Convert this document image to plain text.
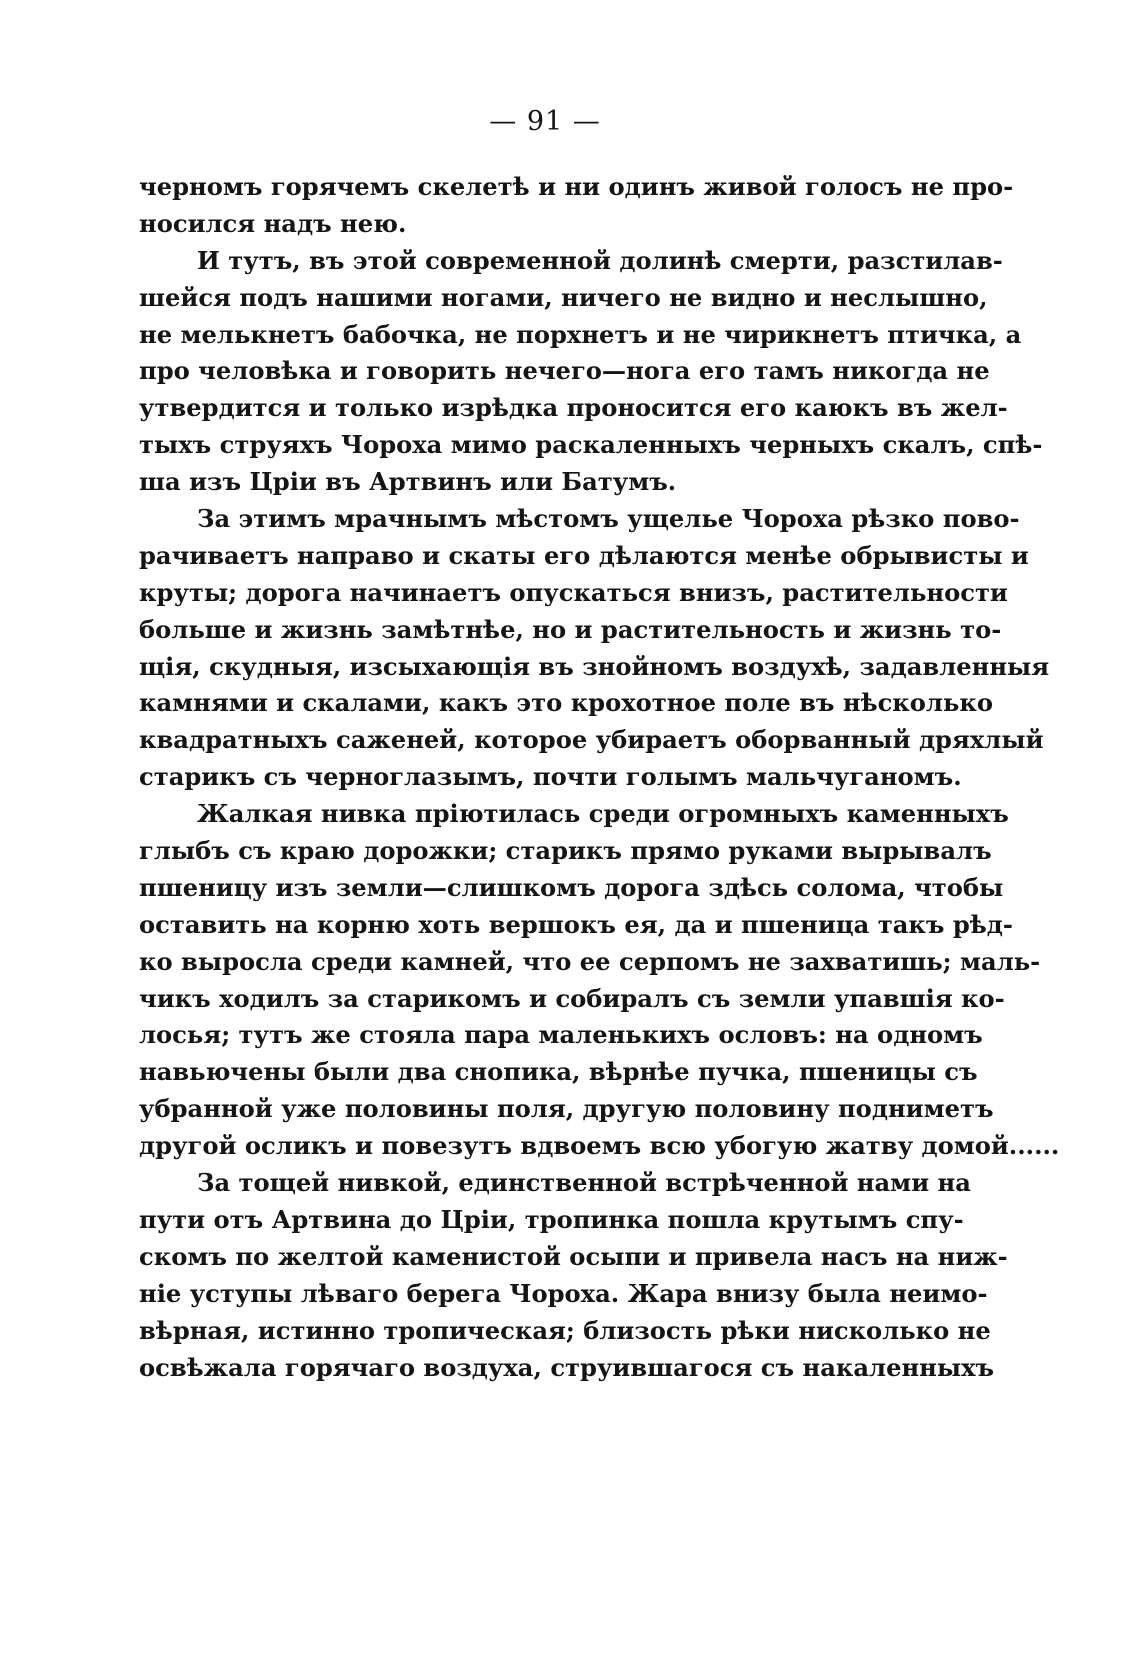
— 91 —
черномъ горячемъ скелетѣ и ни одинъ живой голосъ не про-
носился надъ нею.
И тутъ, въ этой современной долинѣ смерти, разстилав-
шейся подъ нашими ногами, ничего не видно и неслышно,
не мелькнетъ бабочка, не порхнетъ и не чирикнетъ птичка, а
про человѣка и говорить нечего—нога его тамъ никогда не
утвердится и только изрѣдка проносится его каюкъ въ жел-
тыхъ струяхъ Чороха мимо раскаленныхъ черныхъ скалъ, спѣ-
ша изъ Цріи въ Артвинъ или Батумъ.
За этимъ мрачнымъ мѣстомъ ущелье Чороха рѣзко пово-
рачиваетъ направо и скаты его дѣлаются менѣе обрывисты и
круты; дорога начинаетъ опускаться внизъ, растительности
больше и жизнь замѣтнѣе, но и растительность и жизнь то-
щія, скудныя, изсыхающія въ знойномъ воздухѣ, задавленныя
камнями и скалами, какъ это крохотное поле въ нѣсколько
квадратныхъ саженей, которое убираетъ оборванный дряхлый
старикъ съ черноглазымъ, почти голымъ мальчуганомъ.
Жалкая нивка пріютилась среди огромныхъ каменныхъ
глыбъ съ краю дорожки; старикъ прямо руками вырывалъ
пшеницу изъ земли—слишкомъ дорога здѣсь солома, чтобы
оставить на корню хоть вершокъ ея, да и пшеница такъ рѣд-
ко выросла среди камней, что ее серпомъ не захватишь; маль-
чикъ ходилъ за старикомъ и собиралъ съ земли упавшія ко-
лосья; тутъ же стояла пара маленькихъ ословъ: на одномъ
навьючены были два снопика, вѣрнѣе пучка, пшеницы съ
убранной уже половины поля, другую половину подниметъ
другой осликъ и повезутъ вдвоемъ всю убогую жатву домой......
За тощей нивкой, единственной встрѣченной нами на
пути отъ Артвина до Цріи, тропинка пошла крутымъ спу-
скомъ по желтой каменистой осыпи и привела насъ на ниж-
ніе уступы лѣваго берега Чороха. Жара внизу была неимо-
вѣрная, истинно тропическая; близость рѣки нисколько не
освѣжала горячаго воздуха, струившагося съ накаленныхъ
